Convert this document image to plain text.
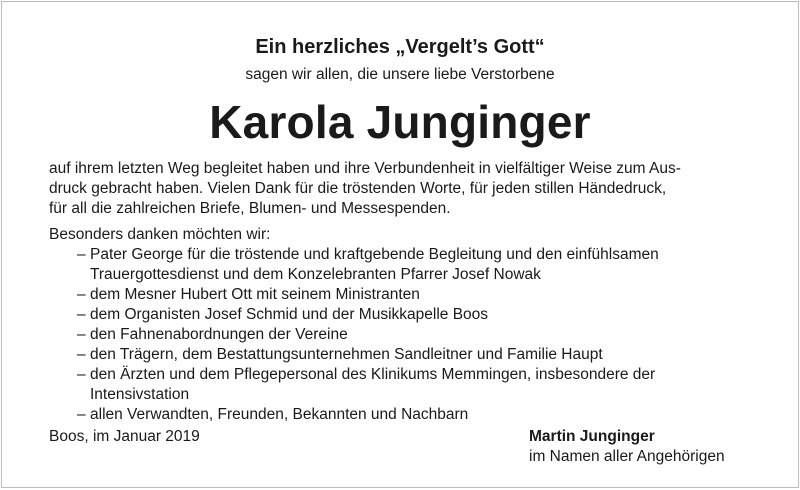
Ein herzliches „Vergelt’s Gott“
sagen wir allen, die unsere liebe Verstorbene
Karola Junginger
auf ihrem letzten Weg begleitet haben und ihre Verbundenheit in vielfältiger Weise zum Aus-
druck gebracht haben. Vielen Dank für die tröstenden Worte, für jeden stillen Händedruck,
für all die zahlreichen Briefe, Blumen- und Messespenden.
Besonders danken möchten wir:
– Pater George für die tröstende und kraftgebende Begleitung und den einfühlsamen
Trauergottesdienst und dem Konzelebranten Pfarrer Josef Nowak
– dem Mesner Hubert Ott mit seinem Ministranten
– dem Organisten Josef Schmid und der Musikkapelle Boos
– den Fahnenabordnungen der Vereine
– den Trägern, dem Bestattungsunternehmen Sandleitner und Familie Haupt
– den Ärzten und dem Pflegepersonal des Klinikums Memmingen, insbesondere der
Intensivstation
– allen Verwandten, Freunden, Bekannten und Nachbarn
Boos, im Januar 2019	Martin Junginger
im Namen aller Angehörigen
